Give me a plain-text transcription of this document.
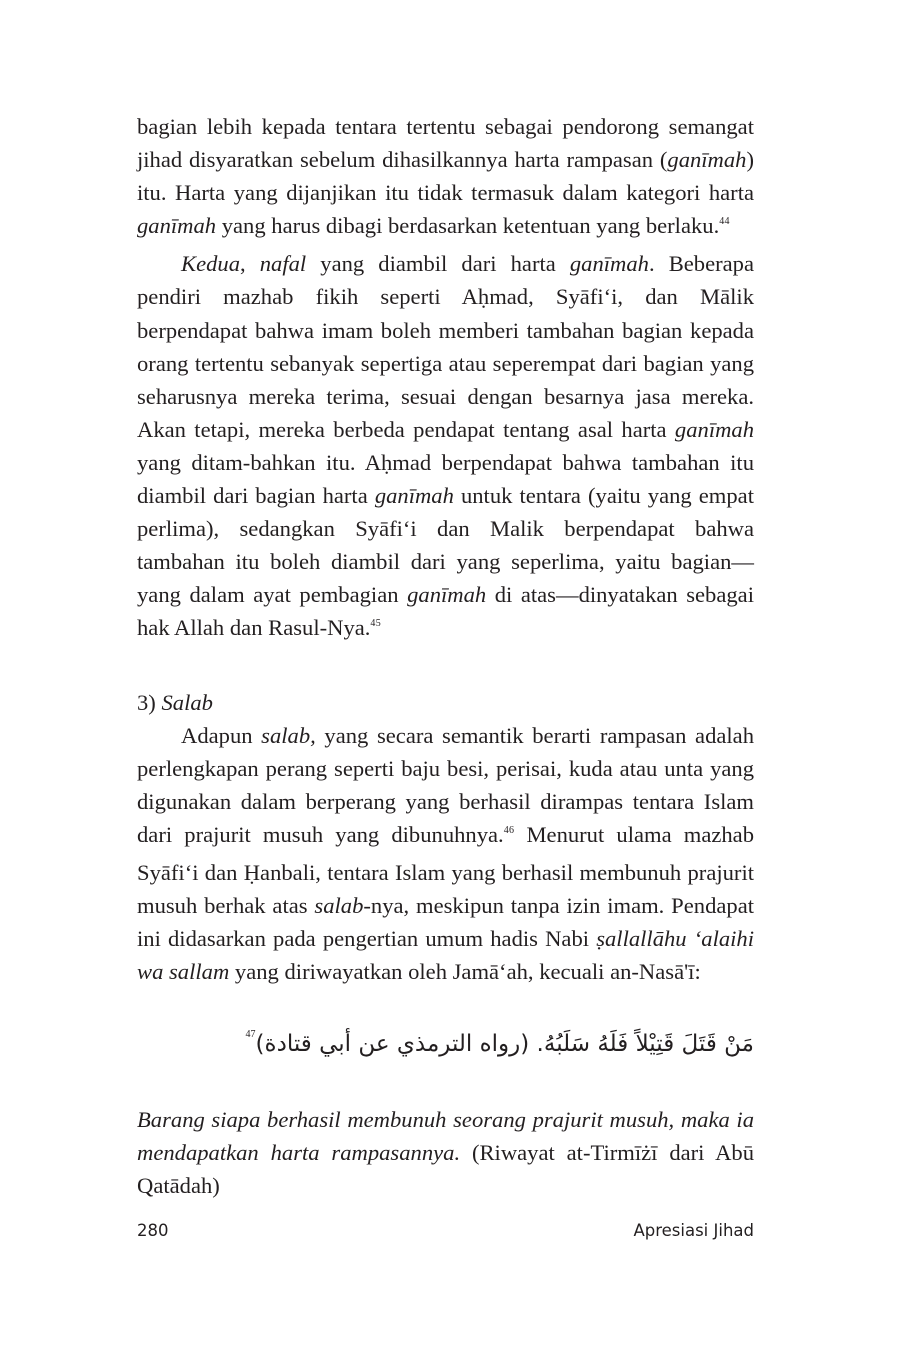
bagian lebih kepada tentara tertentu sebagai pendorong semangat jihad disyaratkan sebelum dihasilkannya harta rampasan (ganīmah) itu. Harta yang dijanjikan itu tidak termasuk dalam kategori harta ganīmah yang harus dibagi berdasarkan ketentuan yang berlaku.$^{44}$

Kedua, nafal yang diambil dari harta ganīmah. Beberapa pendiri mazhab fikih seperti Aḥmad, Syāfi‘i, dan Mālik berpendapat bahwa imam boleh memberi tambahan bagian kepada orang tertentu sebanyak sepertiga atau seperempat dari bagian yang seharusnya mereka terima, sesuai dengan besarnya jasa mereka. Akan tetapi, mereka berbeda pendapat tentang asal harta ganīmah yang ditam-bahkan itu. Aḥmad berpendapat bahwa tambahan itu diambil dari bagian harta ganīmah untuk tentara (yaitu yang empat perlima), sedangkan Syāfi‘i dan Malik berpendapat bahwa tambahan itu boleh diambil dari yang seperlima, yaitu bagian—yang dalam ayat pembagian ganīmah di atas—dinyatakan sebagai hak Allah dan Rasul-Nya.$^{45}$

3) Salab

Adapun salab, yang secara semantik berarti rampasan adalah perlengkapan perang seperti baju besi, perisai, kuda atau unta yang digunakan dalam berperang yang berhasil dirampas tentara Islam dari prajurit musuh yang dibunuhnya.$^{46}$ Menurut ulama mazhab Syāfi‘i dan Ḥanbali, tentara Islam yang berhasil membunuh prajurit musuh berhak atas salab-nya, meskipun tanpa izin imam. Pendapat ini didasarkan pada pengertian umum hadis Nabi ṣallallāhu ‘alaihi wa sallam yang diriwayatkan oleh Jamā‘ah, kecuali an-Nasā'ī:

مَنْ قَتَلَ قَتِيْلاً فَلَهُ سَلَبُهُ. (رواه الترمذي عن أبي قتادة)$^{47}$

Barang siapa berhasil membunuh seorang prajurit musuh, maka ia mendapatkan harta rampasannya. (Riwayat at-Tirmīżī dari Abū Qatādah)

280	Apresiasi Jihad
